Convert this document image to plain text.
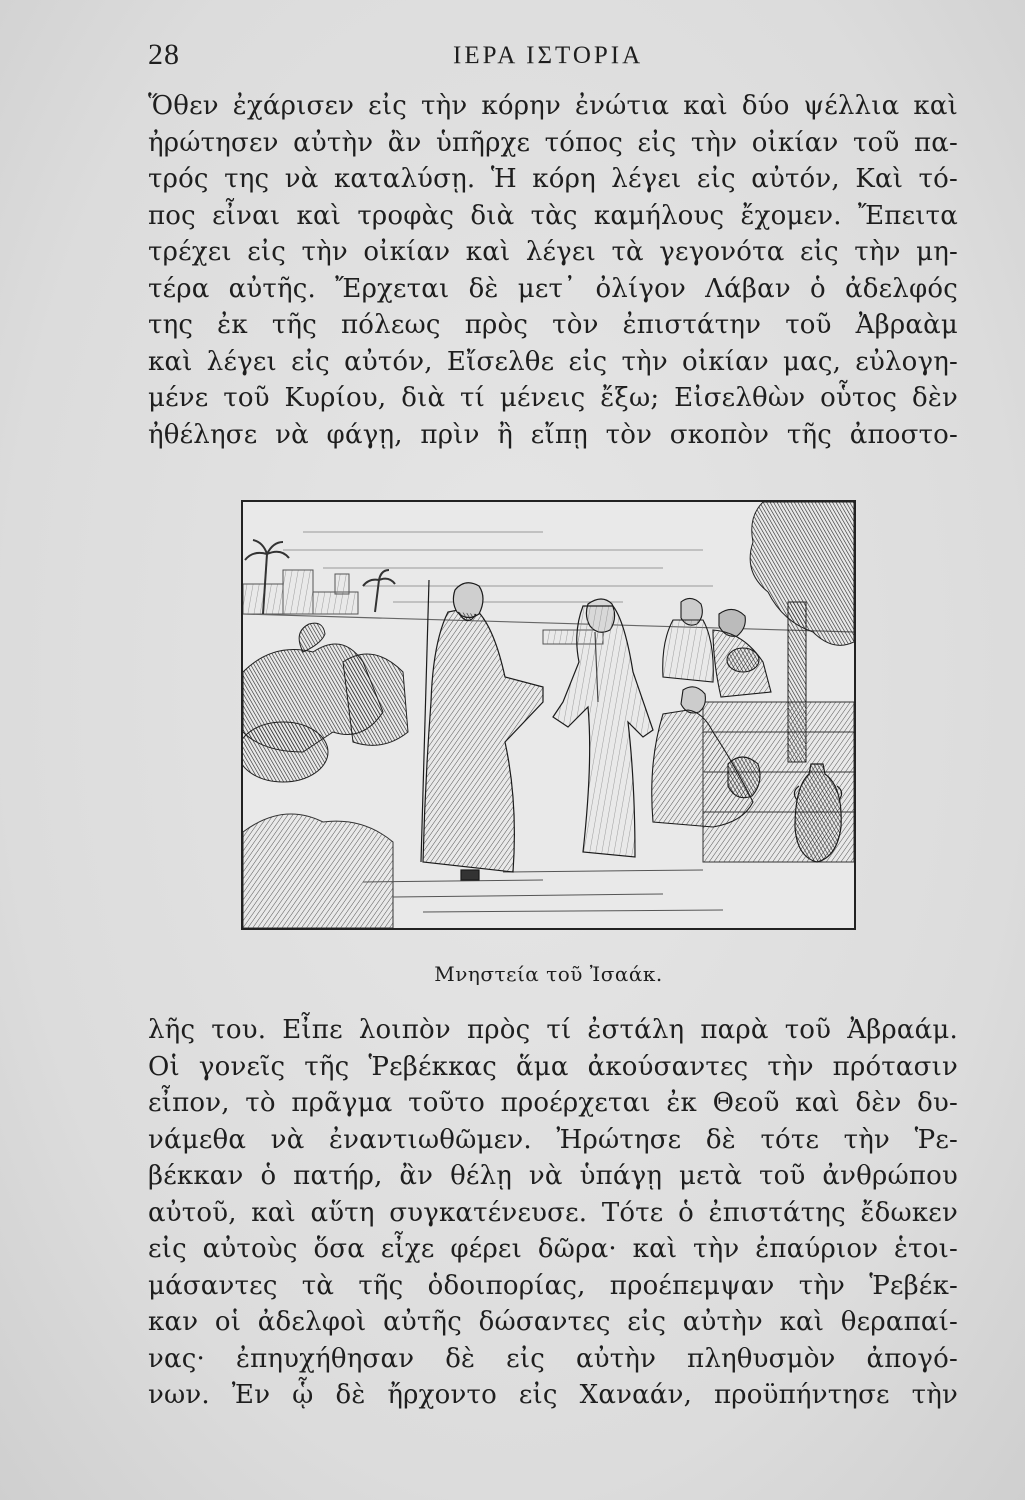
28	ΙΕΡΑ ΙΣΤΟΡΙΑ
Ὅθεν ἐχάρισεν εἰς τὴν κόρην ἐνώτια καὶ δύο ψέλλια καὶ
ἠρώτησεν αὐτὴν ἂν ὑπῆρχε τόπος εἰς τὴν οἰκίαν τοῦ πα-
τρός της νὰ καταλύσῃ. Ἡ κόρη λέγει εἰς αὐτόν, Καὶ τό-
πος εἶναι καὶ τροφὰς διὰ τὰς καμήλους ἔχομεν. Ἔπειτα
τρέχει εἰς τὴν οἰκίαν καὶ λέγει τὰ γεγονότα εἰς τὴν μη-
τέρα αὐτῆς. Ἔρχεται δὲ μετ᾿ ὀλίγον Λάβαν ὁ ἀδελφός
της ἐκ τῆς πόλεως πρὸς τὸν ἐπιστάτην τοῦ Ἀβραὰμ
καὶ λέγει εἰς αὐτόν, Εἴσελθε εἰς τὴν οἰκίαν μας, εὐλογη-
μένε τοῦ Κυρίου, διὰ τί μένεις ἔξω; Εἰσελθὼν οὗτος δὲν
ἠθέλησε νὰ φάγῃ, πρὶν ἢ εἴπῃ τὸν σκοπὸν τῆς ἀποστο-
Μνηστεία τοῦ Ἰσαάκ.
λῆς του. Εἶπε λοιπὸν πρὸς τί ἐστάλη παρὰ τοῦ Ἀβραάμ.
Οἱ γονεῖς τῆς Ῥεβέκκας ἅμα ἀκούσαντες τὴν πρότασιν
εἶπον, τὸ πρᾶγμα τοῦτο προέρχεται ἐκ Θεοῦ καὶ δὲν δυ-
νάμεθα νὰ ἐναντιωθῶμεν. Ἠρώτησε δὲ τότε τὴν Ῥε-
βέκκαν ὁ πατήρ, ἂν θέλῃ νὰ ὑπάγῃ μετὰ τοῦ ἀνθρώπου
αὐτοῦ, καὶ αὕτη συγκατένευσε. Τότε ὁ ἐπιστάτης ἔδωκεν
εἰς αὐτοὺς ὅσα εἶχε φέρει δῶρα· καὶ τὴν ἐπαύριον ἑτοι-
μάσαντες τὰ τῆς ὁδοιπορίας, προέπεμψαν τὴν Ῥεβέκ-
καν οἱ ἀδελφοὶ αὐτῆς δώσαντες εἰς αὐτὴν καὶ θεραπαί-
νας· ἐπηυχήθησαν δὲ εἰς αὐτὴν πληθυσμὸν ἀπογό-
νων. Ἐν ᾧ δὲ ἤρχοντο εἰς Χαναάν, προϋπήντησε τὴν
